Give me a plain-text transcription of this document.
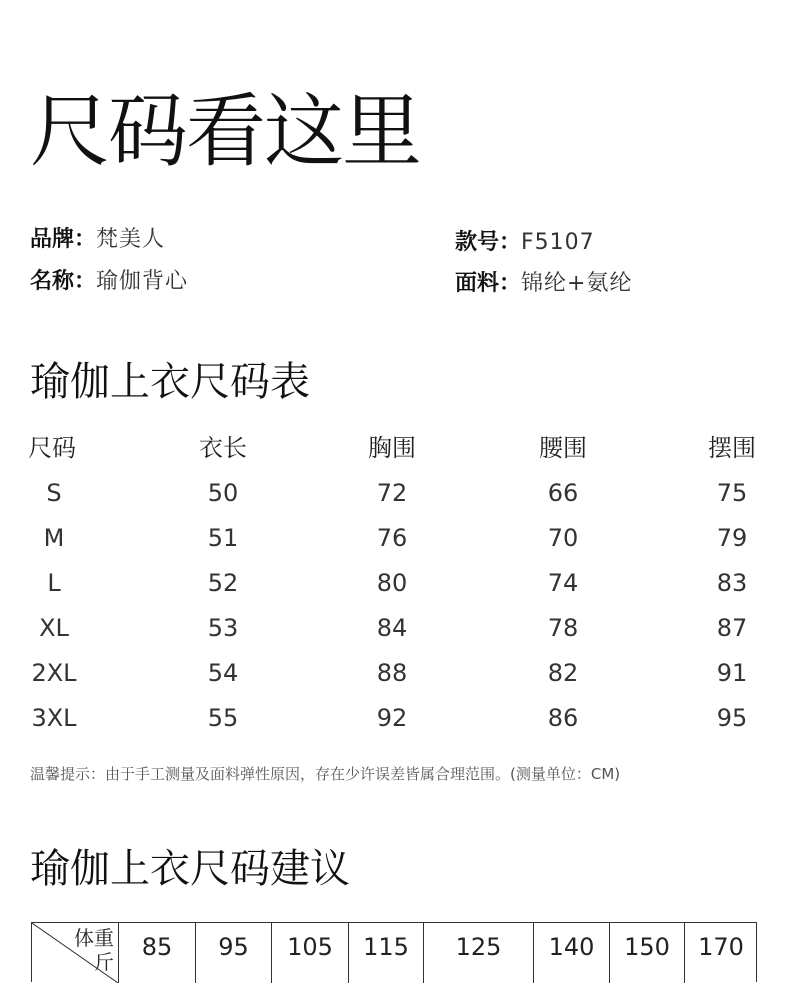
尺码看这里
品牌：梵美人
名称：瑜伽背心
款号：F5107
面料：锦纶+氨纶
瑜伽上衣尺码表
尺码	衣长	胸围	腰围	摆围
S	50	72	66	75
M	51	76	70	79
L	52	80	74	83
XL	53	84	78	87
2XL	54	88	82	91
3XL	55	92	86	95
温馨提示：由于手工测量及面料弹性原因，存在少许误差皆属合理范围。(测量单位：CM)
瑜伽上衣尺码建议
体重
斤
85	95	105	115	125	140	150	170
